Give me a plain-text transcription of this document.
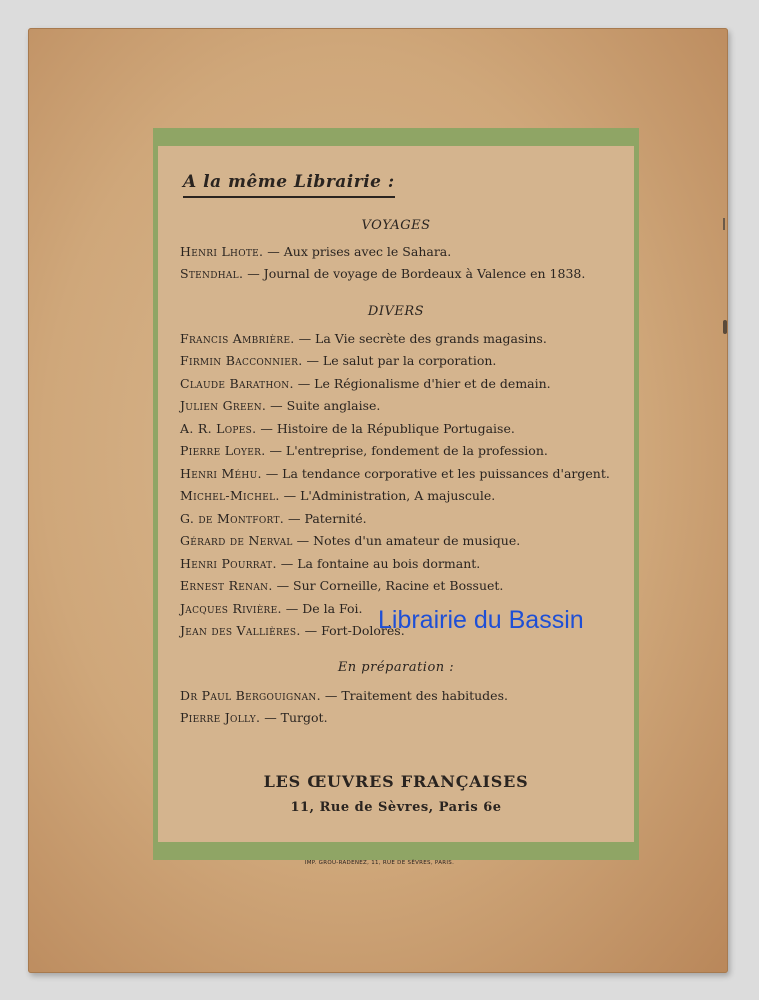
A la même Librairie :
VOYAGES
Henri Lhote. — Aux prises avec le Sahara.
Stendhal. — Journal de voyage de Bordeaux à Valence en 1838.
DIVERS
Francis Ambrière. — La Vie secrète des grands magasins.
Firmin Bacconnier. — Le salut par la corporation.
Claude Barathon. — Le Régionalisme d'hier et de demain.
Julien Green. — Suite anglaise.
A. R. Lopes. — Histoire de la République Portugaise.
Pierre Loyer. — L'entreprise, fondement de la profession.
Henri Méhu. — La tendance corporative et les puissances d'argent.
Michel-Michel. — L'Administration, A majuscule.
G. de Montfort. — Paternité.
Gérard de Nerval — Notes d'un amateur de musique.
Henri Pourrat. — La fontaine au bois dormant.
Ernest Renan. — Sur Corneille, Racine et Bossuet.
Jacques Rivière. — De la Foi.
Jean des Vallières. — Fort-Dolorès.
En préparation :
Dr Paul Bergouignan. — Traitement des habitudes.
Pierre Jolly. — Turgot.
LES ŒUVRES FRANÇAISES
11, Rue de Sèvres, Paris 6e
IMP. GROU-RADENEZ, 11, RUE DE SÈVRES, PARIS.
Librairie du Bassin
